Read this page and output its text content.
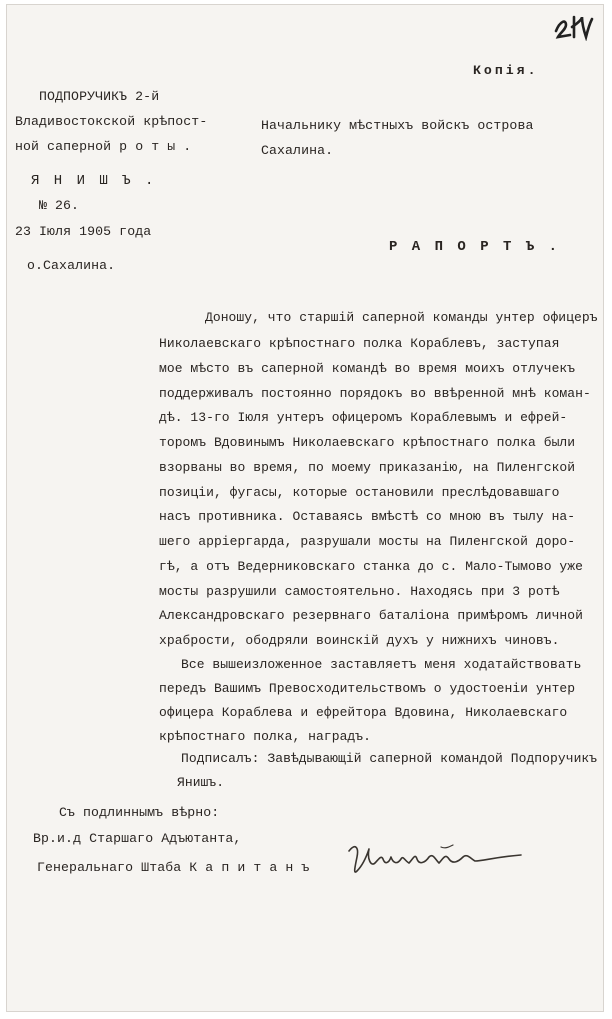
Копія.
ПОДПОРУЧИКЪ 2-й
Владивостокской крѣпост-
ной саперной р о т ы .
Я Н И Ш Ъ .
№ 26.
23 Іюля 1905 года
о.Сахалина.
Начальнику мѣстныхъ войскъ острова
Сахалина.
Р А П О Р Т Ъ .
Доношу, что старшій саперной команды унтер офицеръ
Николаевскаго крѣпостнаго полка Кораблевъ, заступая
мое мѣсто въ саперной командѣ во время моихъ отлучекъ
поддерживалъ постоянно порядокъ во ввѣренной мнѣ коман-
дѣ. 13-го Іюля унтеръ офицеромъ Кораблевымъ и ефрей-
торомъ Вдовинымъ Николаевскаго крѣпостнаго полка были
взорваны во время, по моему приказанію, на Пиленгской
позиціи, фугасы, которые остановили преслѣдовавшаго
насъ противника. Оставаясь вмѣстѣ со мною въ тылу на-
шего аррiергарда, разрушали мосты на Пиленгской доро-
гѣ, а отъ Ведерниковскаго станка до с. Мало-Тымово уже
мосты разрушили самостоятельно. Находясь при 3 ротѣ
Александровскаго резервнаго баталіона примѣромъ личной
храбрости, ободряли воинскій духъ у нижнихъ чиновъ.
Все вышеизложенное заставляетъ меня ходатайствовать
передъ Вашимъ Превосходительствомъ о удостоеніи унтер
офицера Кораблева и ефрейтора Вдовина, Николаевскаго
крѣпостнаго полка, наградъ.
Подписалъ: Завѣдывающій саперной командой Подпоручикъ
Янишъ.
Съ подлиннымъ вѣрно:
Вр.и.д Старшаго Адъютанта,
Генеральнаго Штаба К а п и т а н ъ
